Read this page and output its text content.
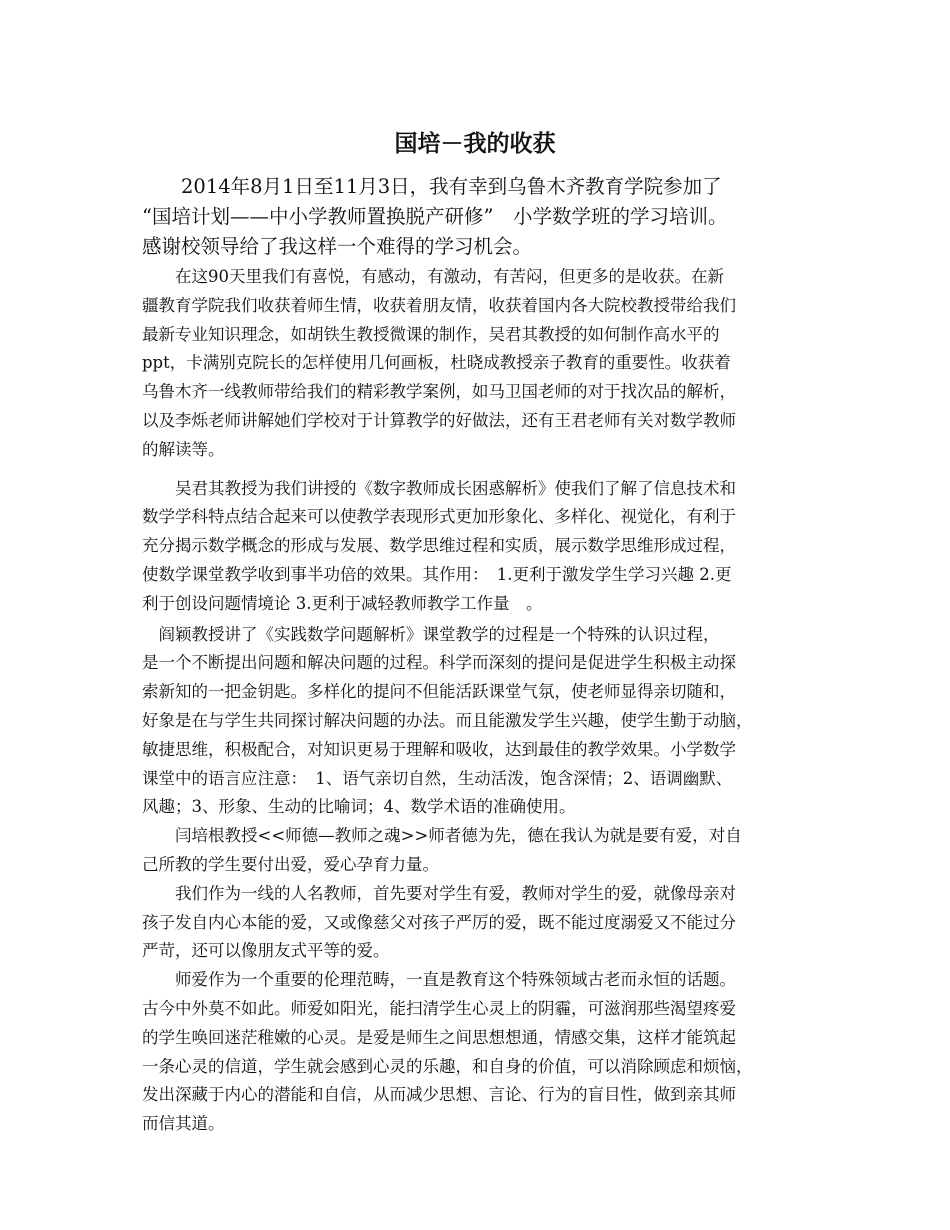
国培－我的收获
　　2014年8月1日至11月3日，我有幸到乌鲁木齐教育学院参加了
“国培计划——中小学教师置换脱产研修”　小学数学班的学习培训。
感谢校领导给了我这样一个难得的学习机会。
　　在这90天里我们有喜悦，有感动，有激动，有苦闷，但更多的是收获。在新
疆教育学院我们收获着师生情，收获着朋友情，收获着国内各大院校教授带给我们
最新专业知识理念，如胡铁生教授微课的制作，吴君其教授的如何制作高水平的
ppt，卡满别克院长的怎样使用几何画板，杜晓成教授亲子教育的重要性。收获着
乌鲁木齐一线教师带给我们的精彩教学案例，如马卫国老师的对于找次品的解析，
以及李烁老师讲解她们学校对于计算教学的好做法，还有王君老师有关对数学教师
的解读等。
　　吴君其教授为我们讲授的《数字教师成长困惑解析》使我们了解了信息技术和
数学学科特点结合起来可以使教学表现形式更加形象化、多样化、视觉化，有利于
充分揭示数学概念的形成与发展、数学思维过程和实质，展示数学思维形成过程，
使数学课堂教学收到事半功倍的效果。其作用：　1.更利于激发学生学习兴趣 2.更
利于创设问题情境论 3.更利于减轻教师教学工作量　。
　阎颖教授讲了《实践数学问题解析》课堂教学的过程是一个特殊的认识过程，
是一个不断提出问题和解决问题的过程。科学而深刻的提问是促进学生积极主动探
索新知的一把金钥匙。多样化的提问不但能活跃课堂气氛，使老师显得亲切随和，
好象是在与学生共同探讨解决问题的办法。而且能激发学生兴趣，使学生勤于动脑，
敏捷思维，积极配合，对知识更易于理解和吸收，达到最佳的教学效果。小学数学
课堂中的语言应注意：　1、语气亲切自然，生动活泼，饱含深情；2、语调幽默、
风趣；3、形象、生动的比喻词；4、数学术语的准确使用。
　　闫培根教授<<师德—教师之魂>>师者德为先，德在我认为就是要有爱，对自
己所教的学生要付出爱，爱心孕育力量。
　　我们作为一线的人名教师，首先要对学生有爱，教师对学生的爱，就像母亲对
孩子发自内心本能的爱，又或像慈父对孩子严厉的爱，既不能过度溺爱又不能过分
严苛，还可以像朋友式平等的爱。
　　师爱作为一个重要的伦理范畴，一直是教育这个特殊领域古老而永恒的话题。
古今中外莫不如此。师爱如阳光，能扫清学生心灵上的阴霾，可滋润那些渴望疼爱
的学生唤回迷茫稚嫩的心灵。是爱是师生之间思想想通，情感交集，这样才能筑起
一条心灵的信道，学生就会感到心灵的乐趣，和自身的价值，可以消除顾虑和烦恼，
发出深藏于内心的潜能和自信，从而减少思想、言论、行为的盲目性，做到亲其师
而信其道。
